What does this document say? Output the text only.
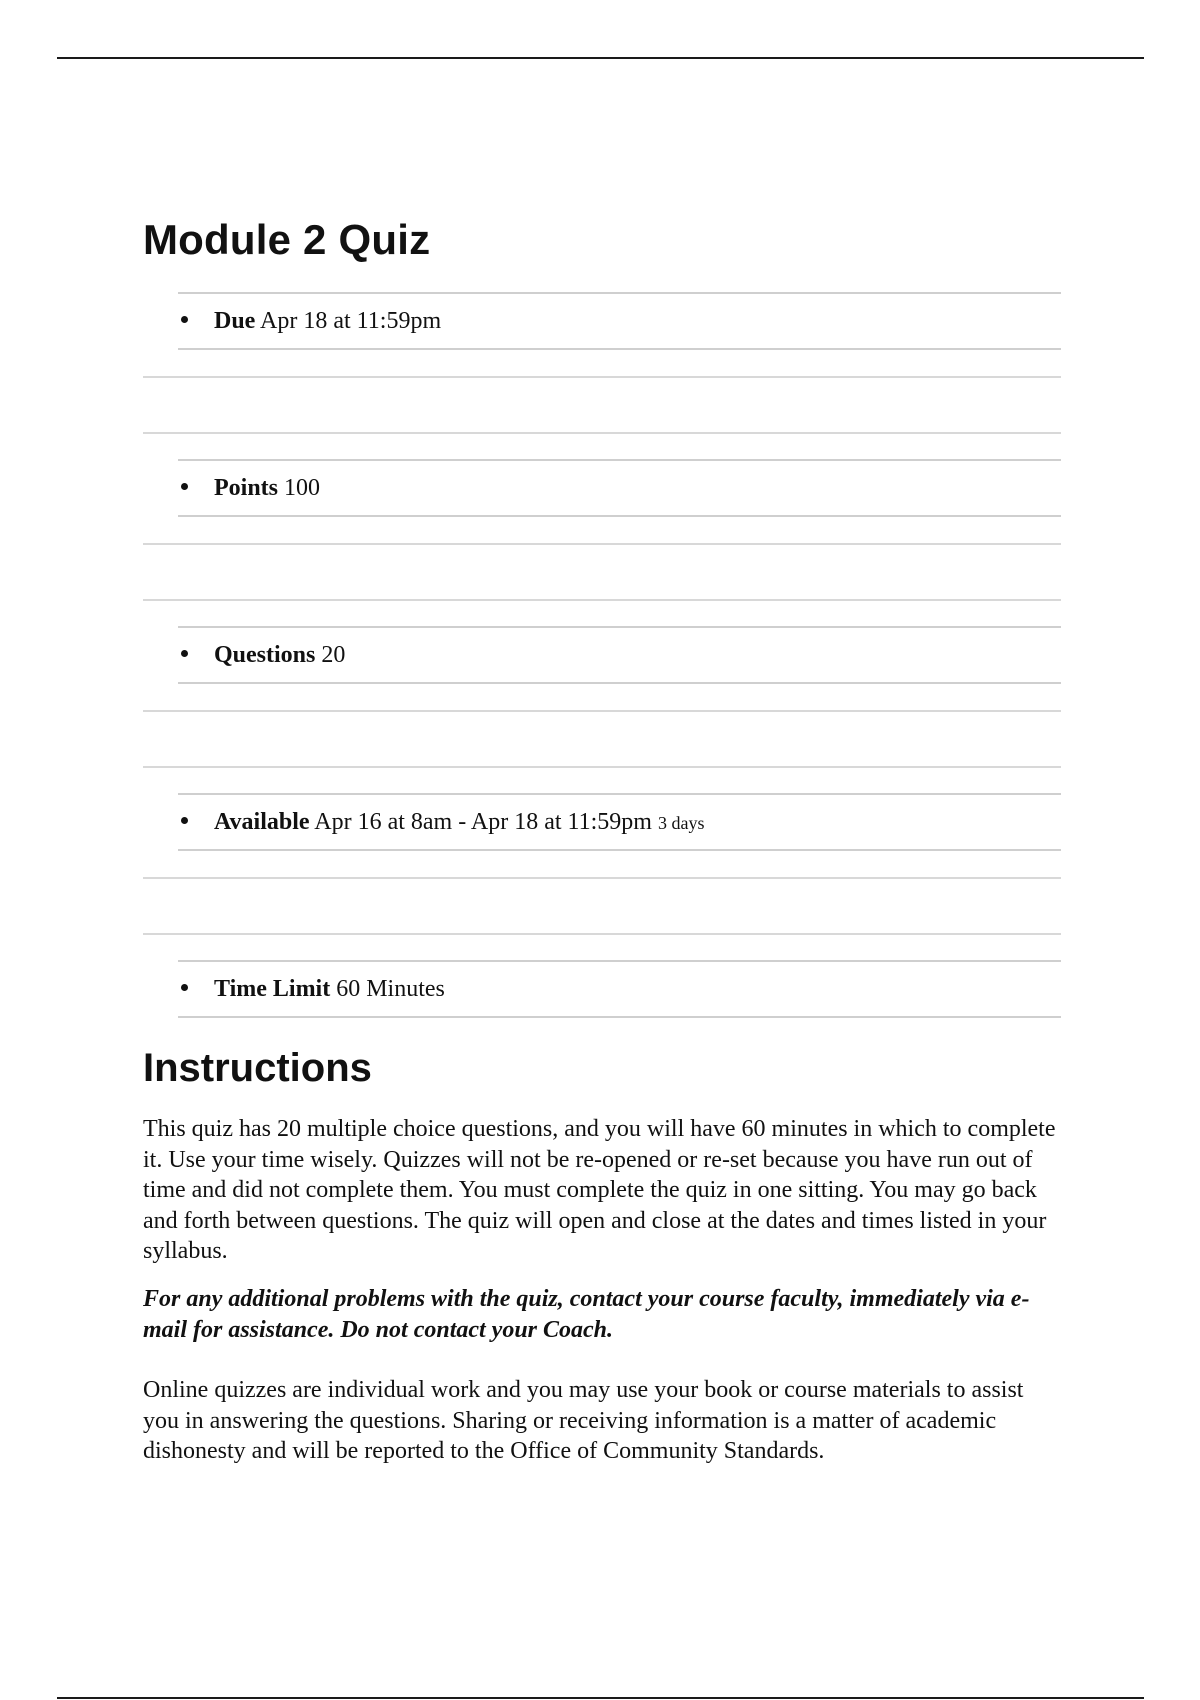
Module 2 Quiz
Due Apr 18 at 11:59pm
Points 100
Questions 20
Available Apr 16 at 8am - Apr 18 at 11:59pm 3 days
Time Limit 60 Minutes
Instructions

This quiz has 20 multiple choice questions, and you will have 60 minutes in which to complete it. Use your time wisely. Quizzes will not be re-opened or re-set because you have run out of time and did not complete them. You must complete the quiz in one sitting. You may go back and forth between questions. The quiz will open and close at the dates and times listed in your syllabus.

For any additional problems with the quiz, contact your course faculty, immediately via e-mail for assistance. Do not contact your Coach.

Online quizzes are individual work and you may use your book or course materials to assist you in answering the questions. Sharing or receiving information is a matter of academic dishonesty and will be reported to the Office of Community Standards.
